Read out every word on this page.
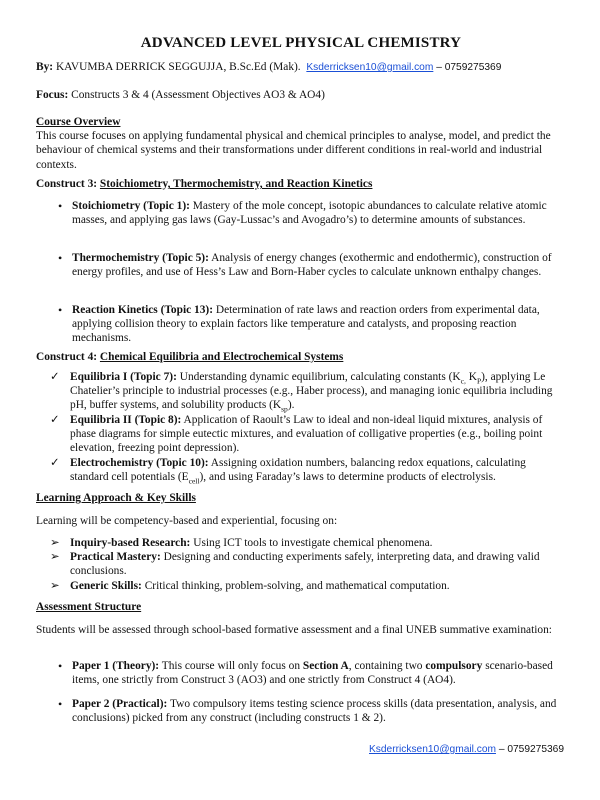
ADVANCED LEVEL PHYSICAL CHEMISTRY
By: KAVUMBA DERRICK SEGGUJJA, B.Sc.Ed (Mak). Ksderricksen10@gmail.com – 0759275369
Focus: Constructs 3 & 4 (Assessment Objectives AO3 & AO4)

Course Overview

This course focuses on applying fundamental physical and chemical principles to analyse, model, and predict the behaviour of chemical systems and their transformations under different conditions in real-world and industrial contexts.

Construct 3: Stoichiometry, Thermochemistry, and Reaction Kinetics
• Stoichiometry (Topic 1): Mastery of the mole concept, isotopic abundances to calculate relative atomic masses, and applying gas laws (Gay-Lussac’s and Avogadro’s) to determine amounts of substances.
• Thermochemistry (Topic 5): Analysis of energy changes (exothermic and endothermic), construction of energy profiles, and use of Hess’s Law and Born-Haber cycles to calculate unknown enthalpy changes.
• Reaction Kinetics (Topic 13): Determination of rate laws and reaction orders from experimental data, applying collision theory to explain factors like temperature and catalysts, and proposing reaction mechanisms.
Construct 4: Chemical Equilibria and Electrochemical Systems
✓ Equilibria I (Topic 7): Understanding dynamic equilibrium, calculating constants ($K_{c,}$ $K_P$), applying Le Chatelier’s principle to industrial processes (e.g., Haber process), and managing ionic equilibria including pH, buffer systems, and solubility products $(K_{sp})$.
✓ Equilibria II (Topic 8): Application of Raoult’s Law to ideal and non-ideal liquid mixtures, analysis of phase diagrams for simple eutectic mixtures, and evaluation of colligative properties (e.g., boiling point elevation, freezing point depression).
✓ Electrochemistry (Topic 10): Assigning oxidation numbers, balancing redox equations, calculating standard cell potentials $(E_{cell})$, and using Faraday’s laws to determine products of electrolysis.

Learning Approach & Key Skills

Learning will be competency-based and experiential, focusing on:

➢ Inquiry-based Research: Using ICT tools to investigate chemical phenomena.
➢ Practical Mastery: Designing and conducting experiments safely, interpreting data, and drawing valid conclusions.
➢ Generic Skills: Critical thinking, problem-solving, and mathematical computation.

Assessment Structure

Students will be assessed through school-based formative assessment and a final UNEB summative examination:

• Paper 1 (Theory): This course will only focus on Section A, containing two compulsory scenario-based items, one strictly from Construct 3 (AO3) and one strictly from Construct 4 (AO4).
• Paper 2 (Practical): Two compulsory items testing science process skills (data presentation, analysis, and conclusions) picked from any construct (including constructs 1 & 2).
Ksderricksen10@gmail.com – 0759275369
